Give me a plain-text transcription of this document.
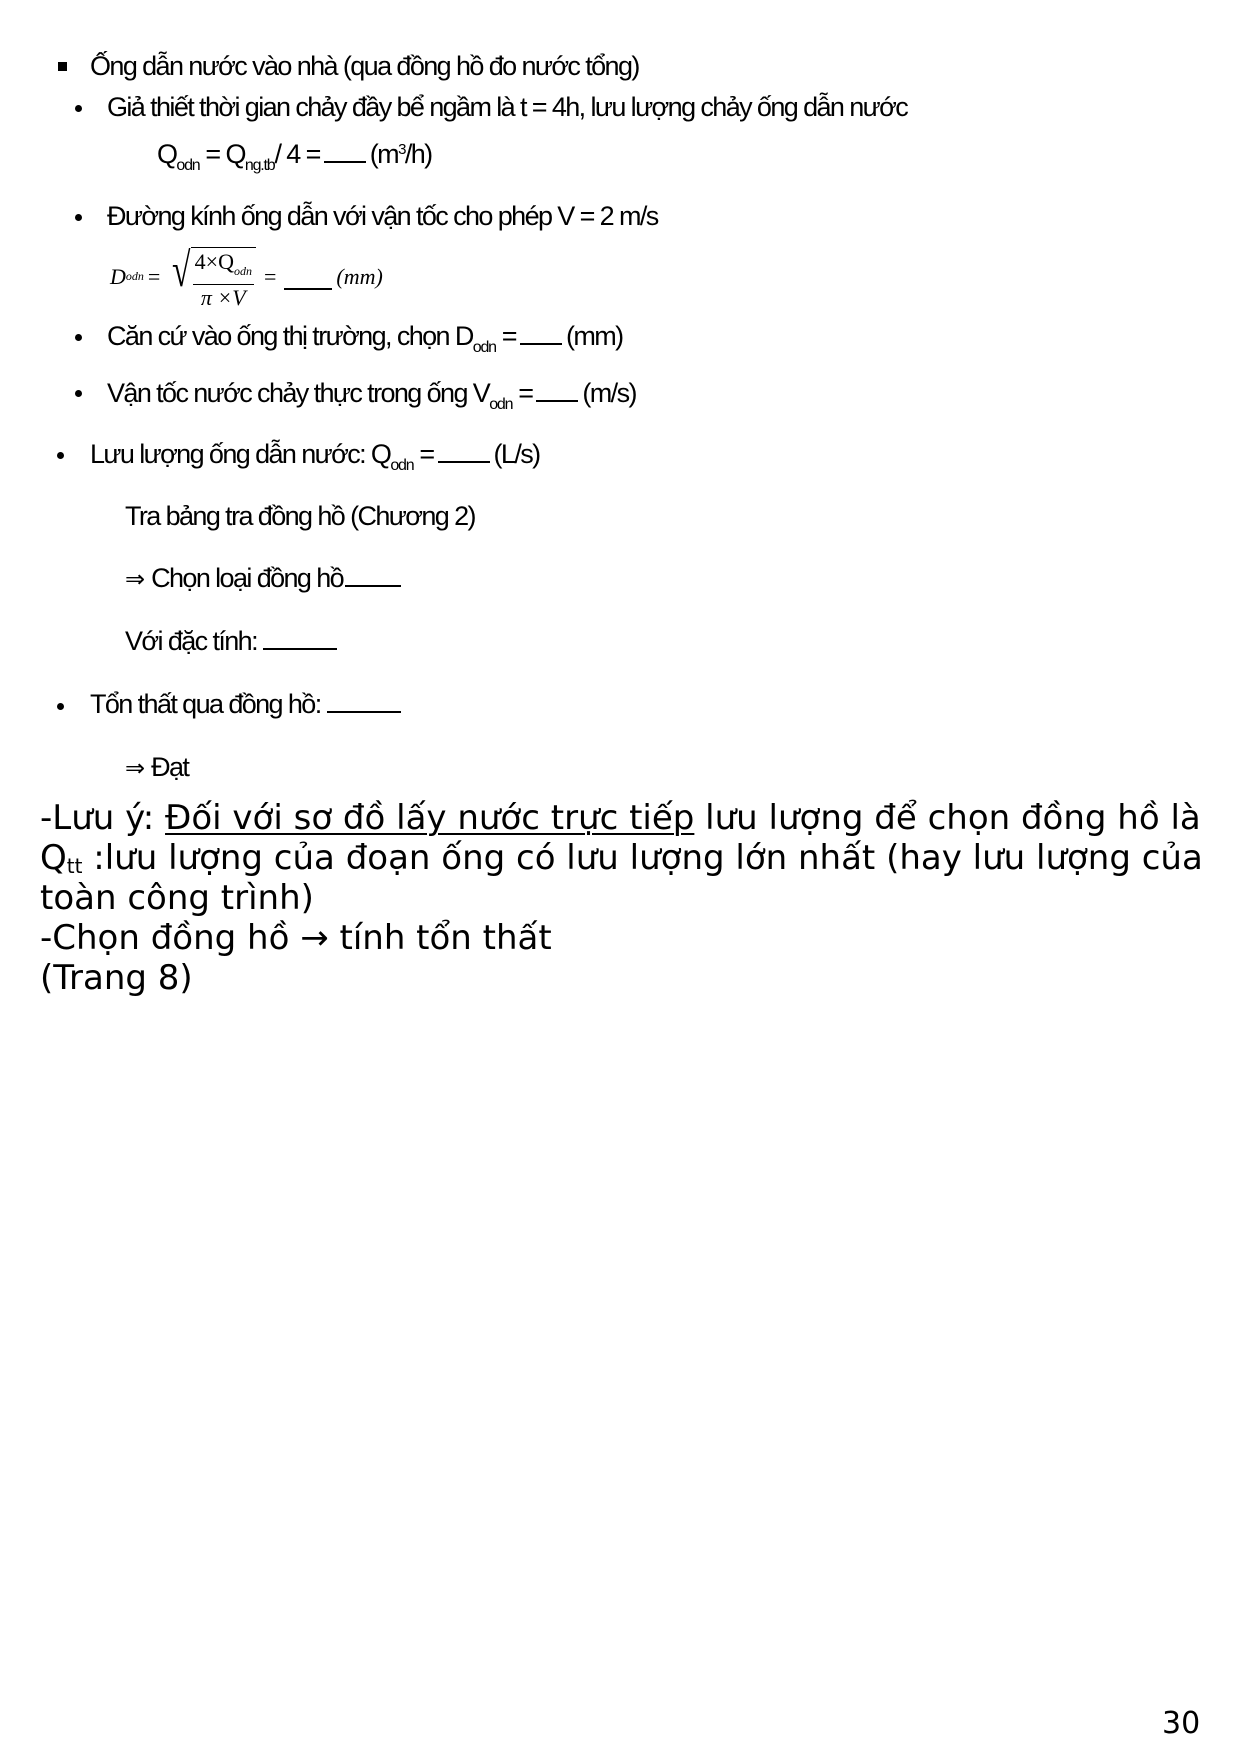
Ống dẫn nước vào nhà (qua đồng hồ đo nước tổng)
Giả thiết thời gian chảy đầy bể ngầm là t = 4h, lưu lượng chảy ống dẫn nước
$Q_{odn} = Q_{ng.tb}/$ $4 = (m^3/h)$
Đường kính ống dẫn với vận tốc cho phép V = 2 m/s
D odn = √ $\frac{4\times Q_{odn}}{\pi \times V}$ =	(mm)
Căn cứ vào ống thị trường, chọn $D_{odn} = (mm)$
Vận tốc nước chảy thực trong ống $V_{odn} = (m/s)$
Lưu lượng ống dẫn nước: $Q_{odn} = (L/s)$
Tra bảng tra đồng hồ (Chương 2)
⇒ Chọn loại đồng hồ
Với đặc tính:
Tổn thất qua đồng hồ:
⇒ Đạt
-Lưu ý: Đối với sơ đồ lấy nước trực tiếp lưu lượng để chọn đồng hồ là
$Q_{tt}$ :lưu lượng của đoạn ống có lưu lượng lớn nhất (hay lưu lượng của
toàn công trình)
-Chọn đồng hồ → tính tổn thất
(Trang 8)
30
